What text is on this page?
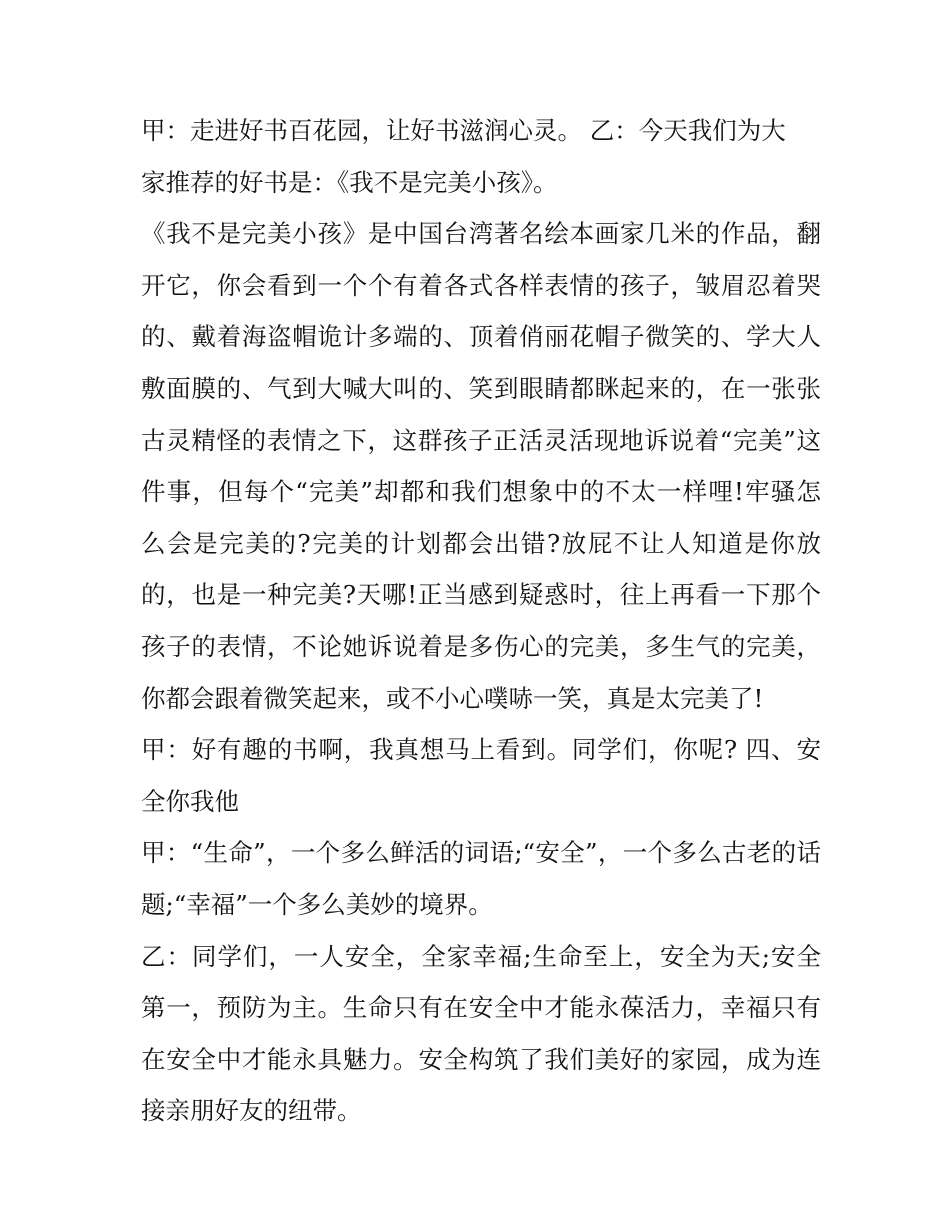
甲：走进好书百花园，让好书滋润心灵。 乙：今天我们为大
家推荐的好书是：《我不是完美小孩》。
《我不是完美小孩》是中国台湾著名绘本画家几米的作品，翻
开它，你会看到一个个有着各式各样表情的孩子，皱眉忍着哭
的、戴着海盗帽诡计多端的、顶着俏丽花帽子微笑的、学大人
敷面膜的、气到大喊大叫的、笑到眼睛都眯起来的，在一张张
古灵精怪的表情之下，这群孩子正活灵活现地诉说着“完美”这
件事，但每个“完美”却都和我们想象中的不太一样哩!牢骚怎
么会是完美的?完美的计划都会出错?放屁不让人知道是你放
的，也是一种完美?天哪!正当感到疑惑时，往上再看一下那个
孩子的表情，不论她诉说着是多伤心的完美，多生气的完美，
你都会跟着微笑起来，或不小心噗哧一笑，真是太完美了!
甲：好有趣的书啊，我真想马上看到。同学们，你呢? 四、安
全你我他
甲：“生命”，一个多么鲜活的词语;“安全”，一个多么古老的话
题;“幸福”一个多么美妙的境界。
乙：同学们，一人安全，全家幸福;生命至上，安全为天;安全
第一，预防为主。生命只有在安全中才能永葆活力，幸福只有
在安全中才能永具魅力。安全构筑了我们美好的家园，成为连
接亲朋好友的纽带。
